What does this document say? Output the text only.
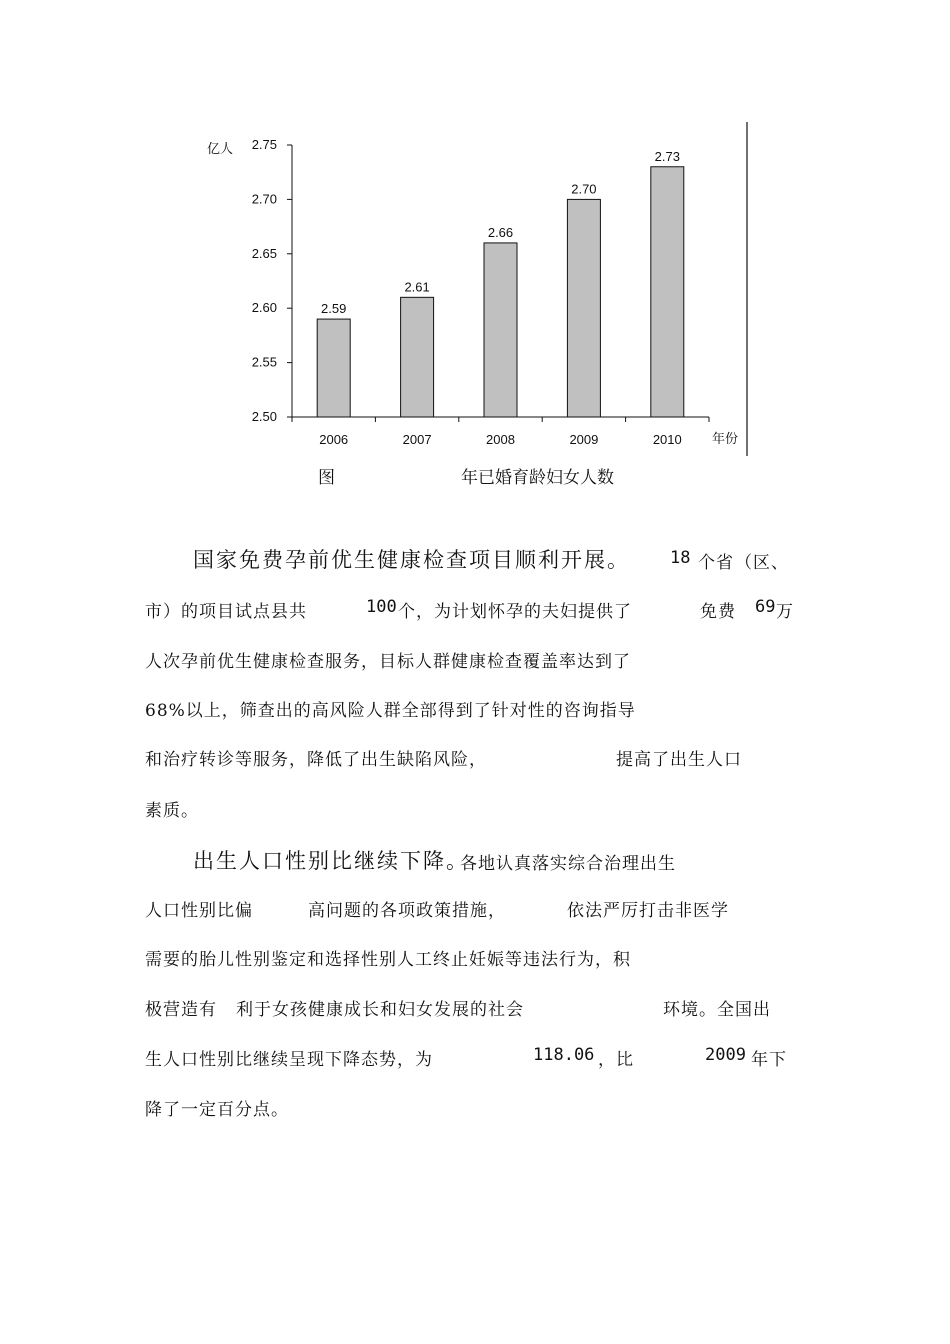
2.50
2.55
2.60
2.65
2.70
2.75
亿人
2.59
2006
2.61
2007
2.66
2008
2.70
2009
2.73
2010 年份
图	年已婚育龄妇女人数
国家免费孕前优生健康检查项目顺利开展。 18 个省 （区、
市）的项目试点县共	100 个，为计划怀孕的夫妇提供了	免费 69 万
人次孕前优生健康检查服务，目标人群健康检查覆盖率达到了
68%以上，筛查出的高风险人群全部得到了针对性的咨询指导
和治疗转诊等服务，降低了出生缺陷风险，	提高了出生人口
素质。
出生人口性别比继续下降。
各地认真落实综合治理出生
人口性别比偏	高问题的各项政策措施，	依法严厉打击非医学
需要的胎儿性别鉴定和选择性别人工终止妊娠等违法行为，积
极营造有 利于女孩健康成长和妇女发展的社会	环境。全国出
生人口性别比继续呈现下降态势，为	118.06 ，比	2009 年下
降了一定百分点。
